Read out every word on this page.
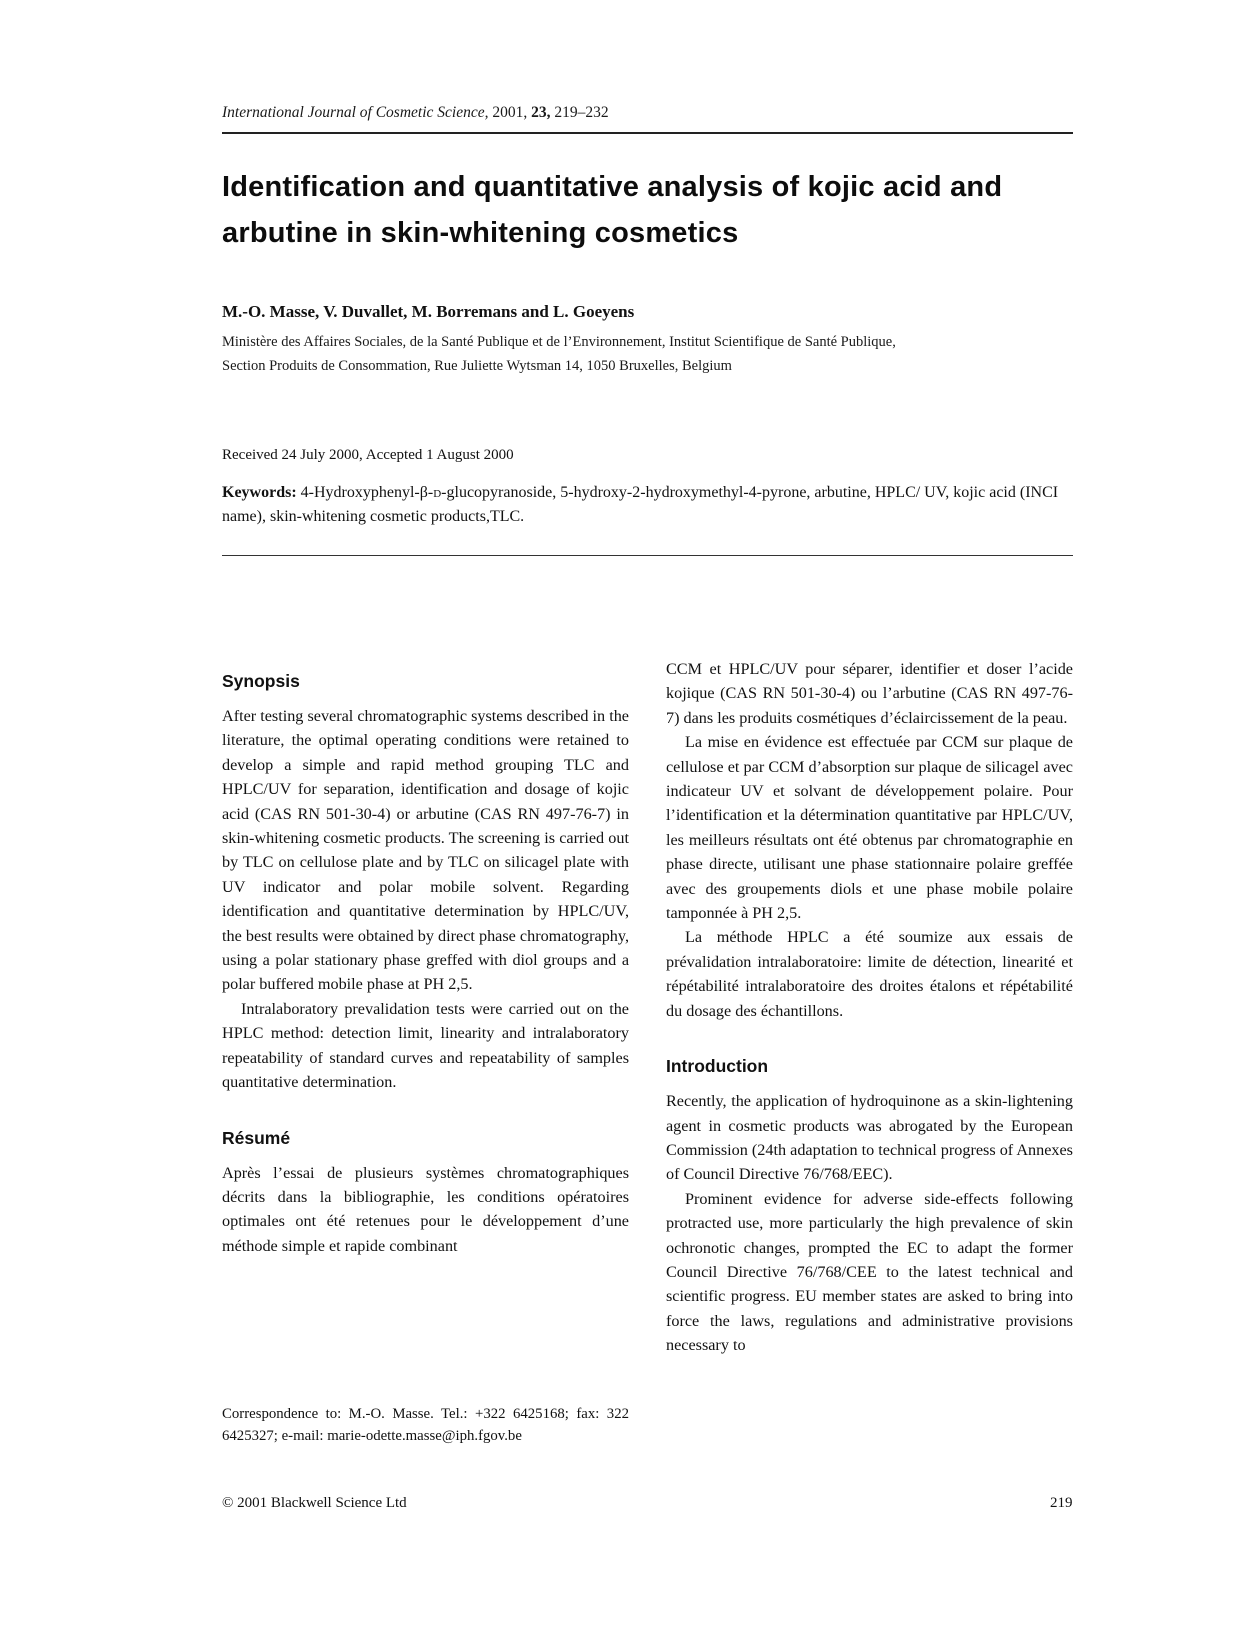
International Journal of Cosmetic Science, 2001, 23, 219–232
Identification and quantitative analysis of kojic acid and arbutine in skin-whitening cosmetics
M.-O. Masse, V. Duvallet, M. Borremans and L. Goeyens
Ministère des Affaires Sociales, de la Santé Publique et de l’Environnement, Institut Scientifique de Santé Publique,
Section Produits de Consommation, Rue Juliette Wytsman 14, 1050 Bruxelles, Belgium
Received 24 July 2000, Accepted 1 August 2000
Keywords: 4-Hydroxyphenyl-β-d-glucopyranoside, 5-hydroxy-2-hydroxymethyl-4-pyrone, arbutine, HPLC/ UV, kojic acid (INCI name), skin-whitening cosmetic products,TLC.
Synopsis

After testing several chromatographic systems described in the literature, the optimal operating conditions were retained to develop a simple and rapid method grouping TLC and HPLC/UV for separation, identification and dosage of kojic acid (CAS RN 501-30-4) or arbutine (CAS RN 497-76-7) in skin-whitening cosmetic products. The screening is carried out by TLC on cellulose plate and by TLC on silicagel plate with UV indicator and polar mobile solvent. Regarding identification and quantitative determination by HPLC/UV, the best results were obtained by direct phase chromatography, using a polar stationary phase greffed with diol groups and a polar buffered mobile phase at PH 2,5.

Intralaboratory prevalidation tests were carried out on the HPLC method: detection limit, linearity and intralaboratory repeatability of standard curves and repeatability of samples quantitative determination.

Résumé

Après l’essai de plusieurs systèmes chromatographiques décrits dans la bibliographie, les conditions opératoires optimales ont été retenues pour le développement d’une méthode simple et rapide combinant

Correspondence to: M.-O. Masse. Tel.: +322 6425168; fax: 322 6425327; e-mail: marie-odette.masse@iph.fgov.be

CCM et HPLC/UV pour séparer, identifier et doser l’acide kojique (CAS RN 501-30-4) ou l’arbutine (CAS RN 497-76-7) dans les produits cosmétiques d’éclaircissement de la peau.

La mise en évidence est effectuée par CCM sur plaque de cellulose et par CCM d’absorption sur plaque de silicagel avec indicateur UV et solvant de développement polaire. Pour l’identification et la détermination quantitative par HPLC/UV, les meilleurs résultats ont été obtenus par chromatographie en phase directe, utilisant une phase stationnaire polaire greffée avec des groupements diols et une phase mobile polaire tamponnée à PH 2,5.

La méthode HPLC a été soumize aux essais de prévalidation intralaboratoire: limite de détection, linearité et répétabilité intralaboratoire des droites étalons et répétabilité du dosage des échantillons.

Introduction

Recently, the application of hydroquinone as a skin-lightening agent in cosmetic products was abrogated by the European Commission (24th adaptation to technical progress of Annexes of Council Directive 76/768/EEC).

Prominent evidence for adverse side-effects following protracted use, more particularly the high prevalence of skin ochronotic changes, prompted the EC to adapt the former Council Directive 76/768/CEE to the latest technical and scientific progress. EU member states are asked to bring into force the laws, regulations and administrative provisions necessary to

© 2001 Blackwell Science Ltd	219
